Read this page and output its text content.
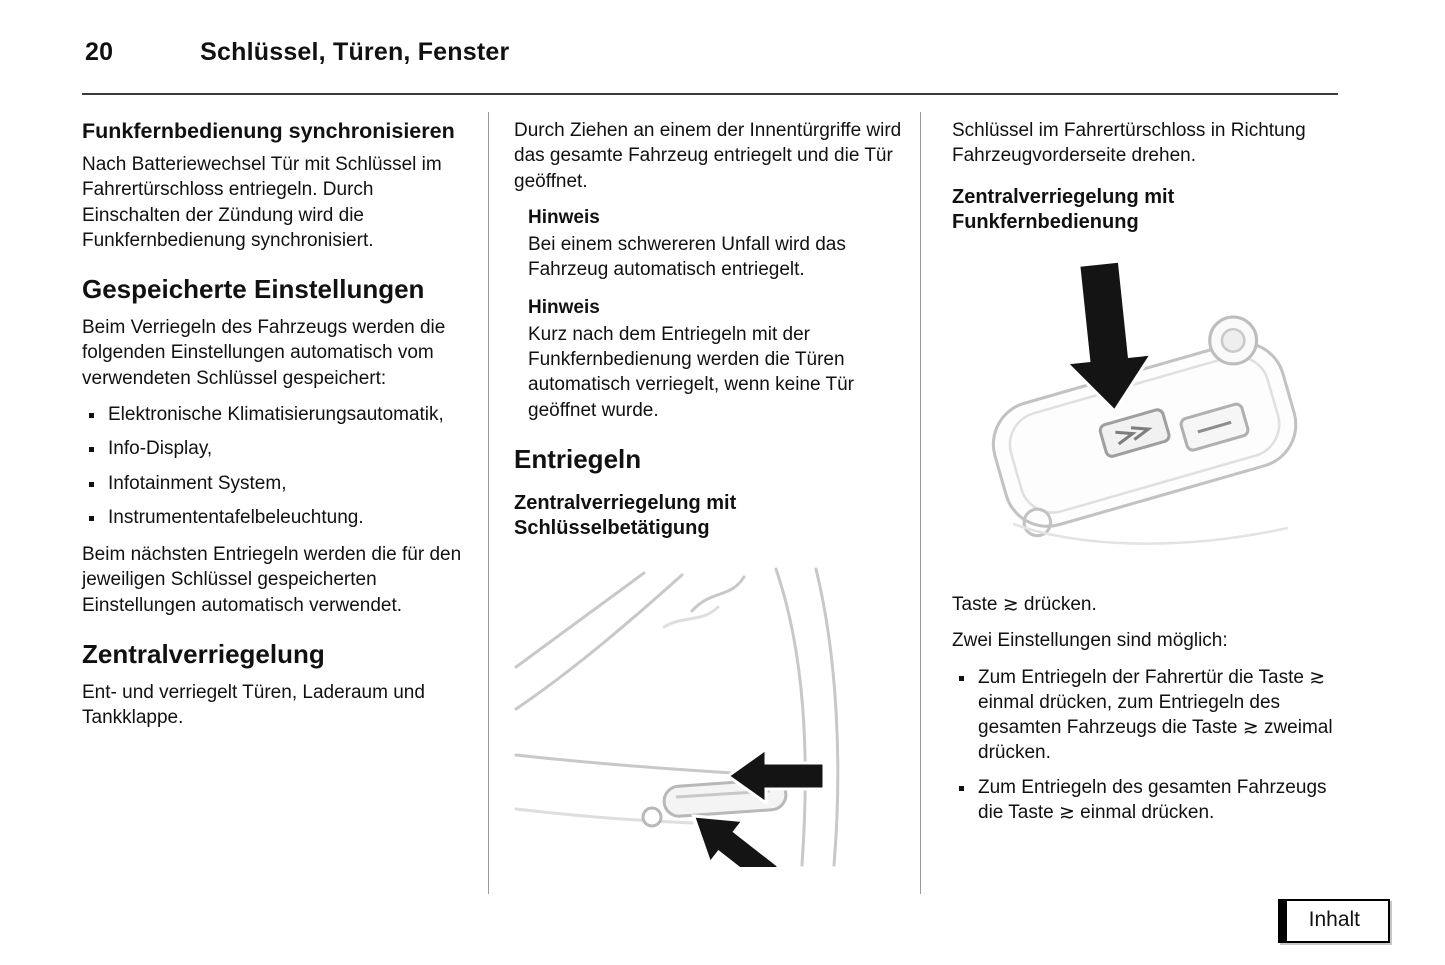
20	Schlüssel, Türen, Fenster
Funkfernbedienung synchronisieren

Nach Batteriewechsel Tür mit Schlüssel im Fahrertürschloss entriegeln. Durch Einschalten der Zündung wird die Funkfernbedienung synchronisiert.

Gespeicherte Einstellungen

Beim Verriegeln des Fahrzeugs werden die folgenden Einstellungen automatisch vom verwendeten Schlüssel gespeichert:

▪ Elektronische Klimatisierungsautomatik,
▪ Info-Display,
▪ Infotainment System,
▪ Instrumententafelbeleuchtung.

Beim nächsten Entriegeln werden die für den jeweiligen Schlüssel gespeicherten Einstellungen automatisch verwendet.

Zentralverriegelung

Ent- und verriegelt Türen, Laderaum und Tankklappe.

Durch Ziehen an einem der Innentürgriffe wird das gesamte Fahrzeug entriegelt und die Tür geöffnet.

Hinweis

Bei einem schwereren Unfall wird das Fahrzeug automatisch entriegelt.

Hinweis

Kurz nach dem Entriegeln mit der Funkfernbedienung werden die Türen automatisch verriegelt, wenn keine Tür geöffnet wurde.

Entriegeln
Zentralverriegelung mit Schlüsselbetätigung

Schlüssel im Fahrertürschloss in Richtung Fahrzeugvorderseite drehen.

Zentralverriegelung mit Funkfernbedienung

Taste ≳ drücken.

Zwei Einstellungen sind möglich:

▪ Zum Entriegeln der Fahrertür die Taste ≳ einmal drücken, zum Entriegeln des gesamten Fahrzeugs die Taste ≳ zweimal drücken.
▪ Zum Entriegeln des gesamten Fahrzeugs die Taste ≳ einmal drücken.
Inhalt
